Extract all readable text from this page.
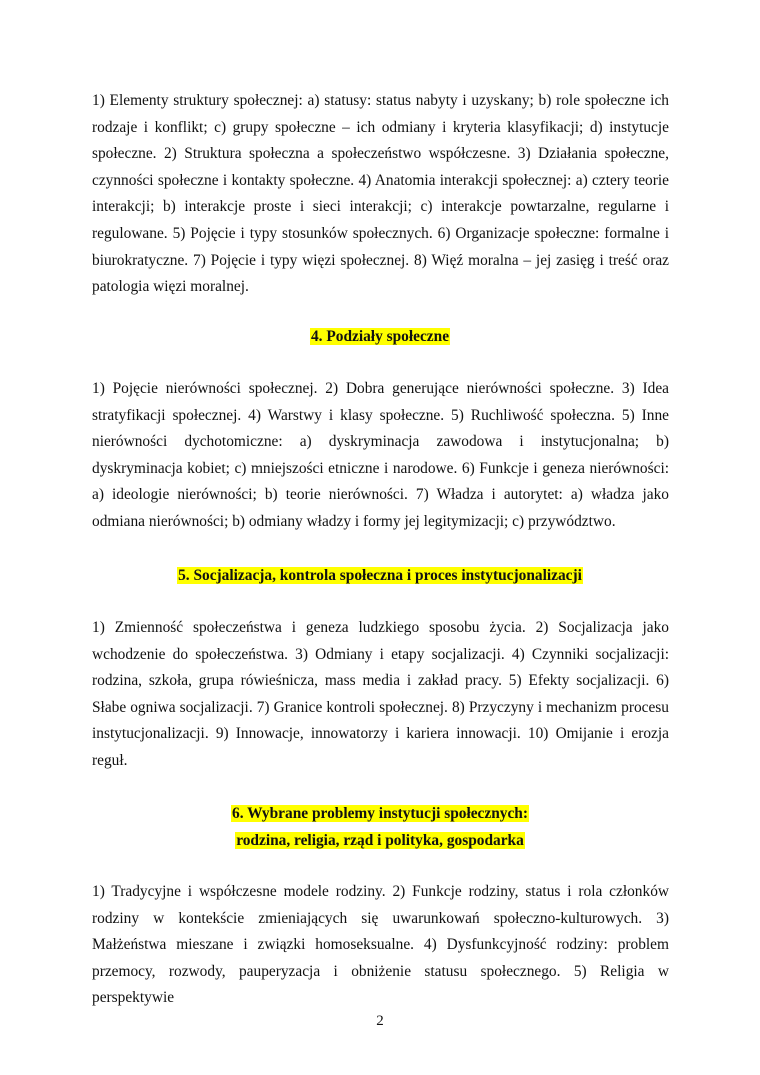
1) Elementy struktury społecznej: a) statusy: status nabyty i uzyskany; b) role społeczne ich rodzaje i konflikt; c) grupy społeczne – ich odmiany i kryteria klasyfikacji; d) instytucje społeczne. 2) Struktura społeczna a społeczeństwo współczesne. 3) Działania społeczne, czynności społeczne i kontakty społeczne. 4) Anatomia interakcji społecznej: a) cztery teorie interakcji; b) interakcje proste i sieci interakcji; c) interakcje powtarzalne, regularne i regulowane. 5) Pojęcie i typy stosunków społecznych. 6) Organizacje społeczne: formalne i biurokratyczne. 7) Pojęcie i typy więzi społecznej. 8) Więź moralna – jej zasięg i treść oraz patologia więzi moralnej.

4. Podziały społeczne

1) Pojęcie nierówności społecznej. 2) Dobra generujące nierówności społeczne. 3) Idea stratyfikacji społecznej. 4) Warstwy i klasy społeczne. 5) Ruchliwość społeczna. 5) Inne nierówności dychotomiczne: a) dyskryminacja zawodowa i instytucjonalna; b) dyskryminacja kobiet; c) mniejszości etniczne i narodowe. 6) Funkcje i geneza nierówności: a) ideologie nierówności; b) teorie nierówności. 7) Władza i autorytet: a) władza jako odmiana nierówności; b) odmiany władzy i formy jej legitymizacji; c) przywództwo.

5. Socjalizacja, kontrola społeczna i proces instytucjonalizacji

1) Zmienność społeczeństwa i geneza ludzkiego sposobu życia. 2) Socjalizacja jako wchodzenie do społeczeństwa. 3) Odmiany i etapy socjalizacji. 4) Czynniki socjalizacji: rodzina, szkoła, grupa rówieśnicza, mass media i zakład pracy. 5) Efekty socjalizacji. 6) Słabe ogniwa socjalizacji. 7) Granice kontroli społecznej. 8) Przyczyny i mechanizm procesu instytucjonalizacji. 9) Innowacje, innowatorzy i kariera innowacji. 10) Omijanie i erozja reguł.

6. Wybrane problemy instytucji społecznych:
rodzina, religia, rząd i polityka, gospodarka

1) Tradycyjne i współczesne modele rodziny. 2) Funkcje rodziny, status i rola członków rodziny w kontekście zmieniających się uwarunkowań społeczno-kulturowych. 3) Małżeństwa mieszane i związki homoseksualne. 4) Dysfunkcyjność rodziny: problem przemocy, rozwody, pauperyzacja i obniżenie statusu społecznego. 5) Religia w perspektywie

2
